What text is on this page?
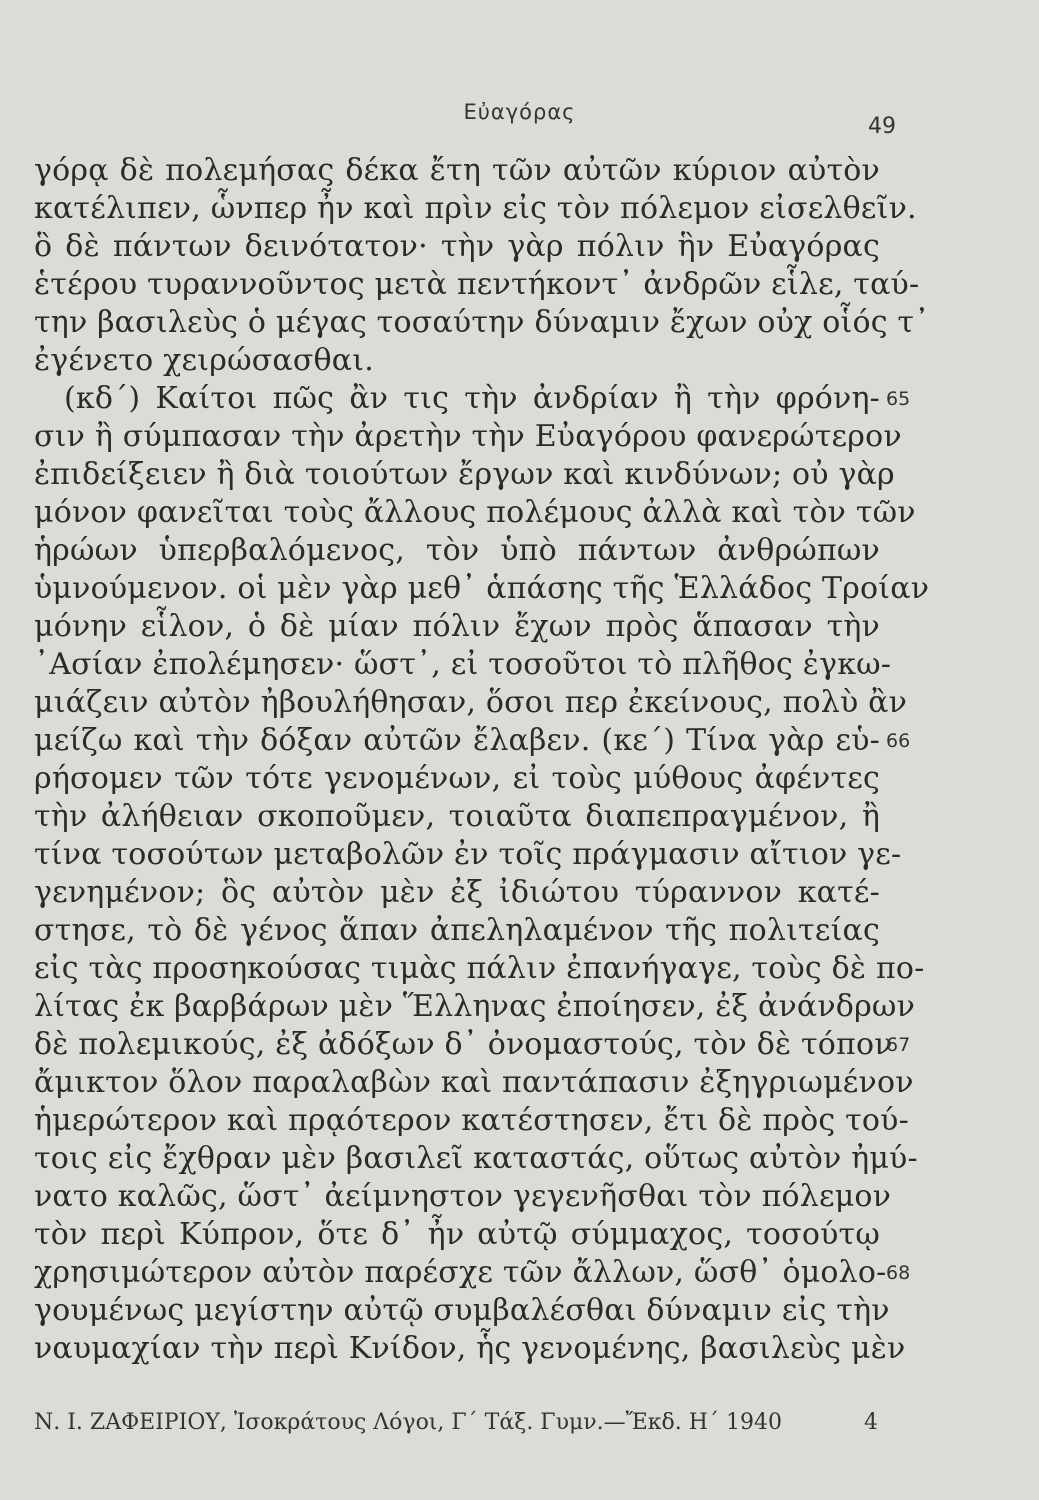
Εὐαγόρας
49
γόρᾳ δὲ πολεμήσας δέκα ἔτη τῶν αὐτῶν κύριον αὐτὸν
κατέλιπεν, ὧνπερ ἦν καὶ πρὶν εἰς τὸν πόλεμον εἰσελθεῖν.
ὃ δὲ πάντων δεινότατον· τὴν γὰρ πόλιν ἣν Εὐαγόρας
ἑτέρου τυραννοῦντος μετὰ πεντήκοντ᾽ ἀνδρῶν εἷλε, ταύ-
την βασιλεὺς ὁ μέγας τοσαύτην δύναμιν ἔχων οὐχ οἷός τ᾽
ἐγένετο χειρώσασθαι.
(κδ´) Καίτοι πῶς ἂν τις τὴν ἀνδρίαν ἢ τὴν φρόνη- 65
σιν ἢ σύμπασαν τὴν ἀρετὴν τὴν Εὐαγόρου φανερώτερον
ἐπιδείξειεν ἢ διὰ τοιούτων ἔργων καὶ κινδύνων; οὐ γὰρ
μόνον φανεῖται τοὺς ἄλλους πολέμους ἀλλὰ καὶ τὸν τῶν
ἡρώων ὑπερβαλόμενος, τὸν ὑπὸ πάντων ἀνθρώπων
ὑμνούμενον. οἱ μὲν γὰρ μεθ᾽ ἁπάσης τῆς Ἑλλάδος Τροίαν
μόνην εἷλον, ὁ δὲ μίαν πόλιν ἔχων πρὸς ἅπασαν τὴν
᾿Ασίαν ἐπολέμησεν· ὥστ᾽, εἰ τοσοῦτοι τὸ πλῆθος ἐγκω-
μιάζειν αὐτὸν ἠβουλήθησαν, ὅσοι περ ἐκείνους, πολὺ ἂν
μείζω καὶ τὴν δόξαν αὐτῶν ἔλαβεν. (κε´) Τίνα γὰρ εὑ- 66
ρήσομεν τῶν τότε γενομένων, εἰ τοὺς μύθους ἀφέντες
τὴν ἀλήθειαν σκοποῦμεν, τοιαῦτα διαπεπραγμένον, ἢ
τίνα τοσούτων μεταβολῶν ἐν τοῖς πράγμασιν αἴτιον γε-
γενημένον; ὃς αὐτὸν μὲν ἐξ ἰδιώτου τύραννον κατέ-
στησε, τὸ δὲ γένος ἅπαν ἀπεληλαμένον τῆς πολιτείας
εἰς τὰς προσηκούσας τιμὰς πάλιν ἐπανήγαγε, τοὺς δὲ πο-
λίτας ἐκ βαρβάρων μὲν Ἕλληνας ἐποίησεν, ἐξ ἀνάνδρων
δὲ πολεμικούς, ἐξ ἀδόξων δ᾽ ὀνομαστούς, τὸν δὲ τόπον
67
ἄμικτον ὅλον παραλαβὼν καὶ παντάπασιν ἐξηγριωμένον
ἡμερώτερον καὶ πρᾳότερον κατέστησεν, ἔτι δὲ πρὸς τού-
τοις εἰς ἔχθραν μὲν βασιλεῖ καταστάς, οὕτως αὐτὸν ἠμύ-
νατο καλῶς, ὥστ᾽ ἀείμνηστον γεγενῆσθαι τὸν πόλεμον
τὸν περὶ Κύπρον, ὅτε δ᾽ ἦν αὐτῷ σύμμαχος, τοσούτῳ
χρησιμώτερον αὐτὸν παρέσχε τῶν ἄλλων, ὥσθ᾽ ὁμολο- 68
γουμένως μεγίστην αὐτῷ συμβαλέσθαι δύναμιν εἰς τὴν
ναυμαχίαν τὴν περὶ Κνίδον, ἧς γενομένης, βασιλεὺς μὲν
Ν. Ι. ΖΑΦΕΙΡΙΟΥ, Ἰσοκράτους Λόγοι, Γ´ Τάξ. Γυμν.—Ἔκδ. Η´ 1940	4
